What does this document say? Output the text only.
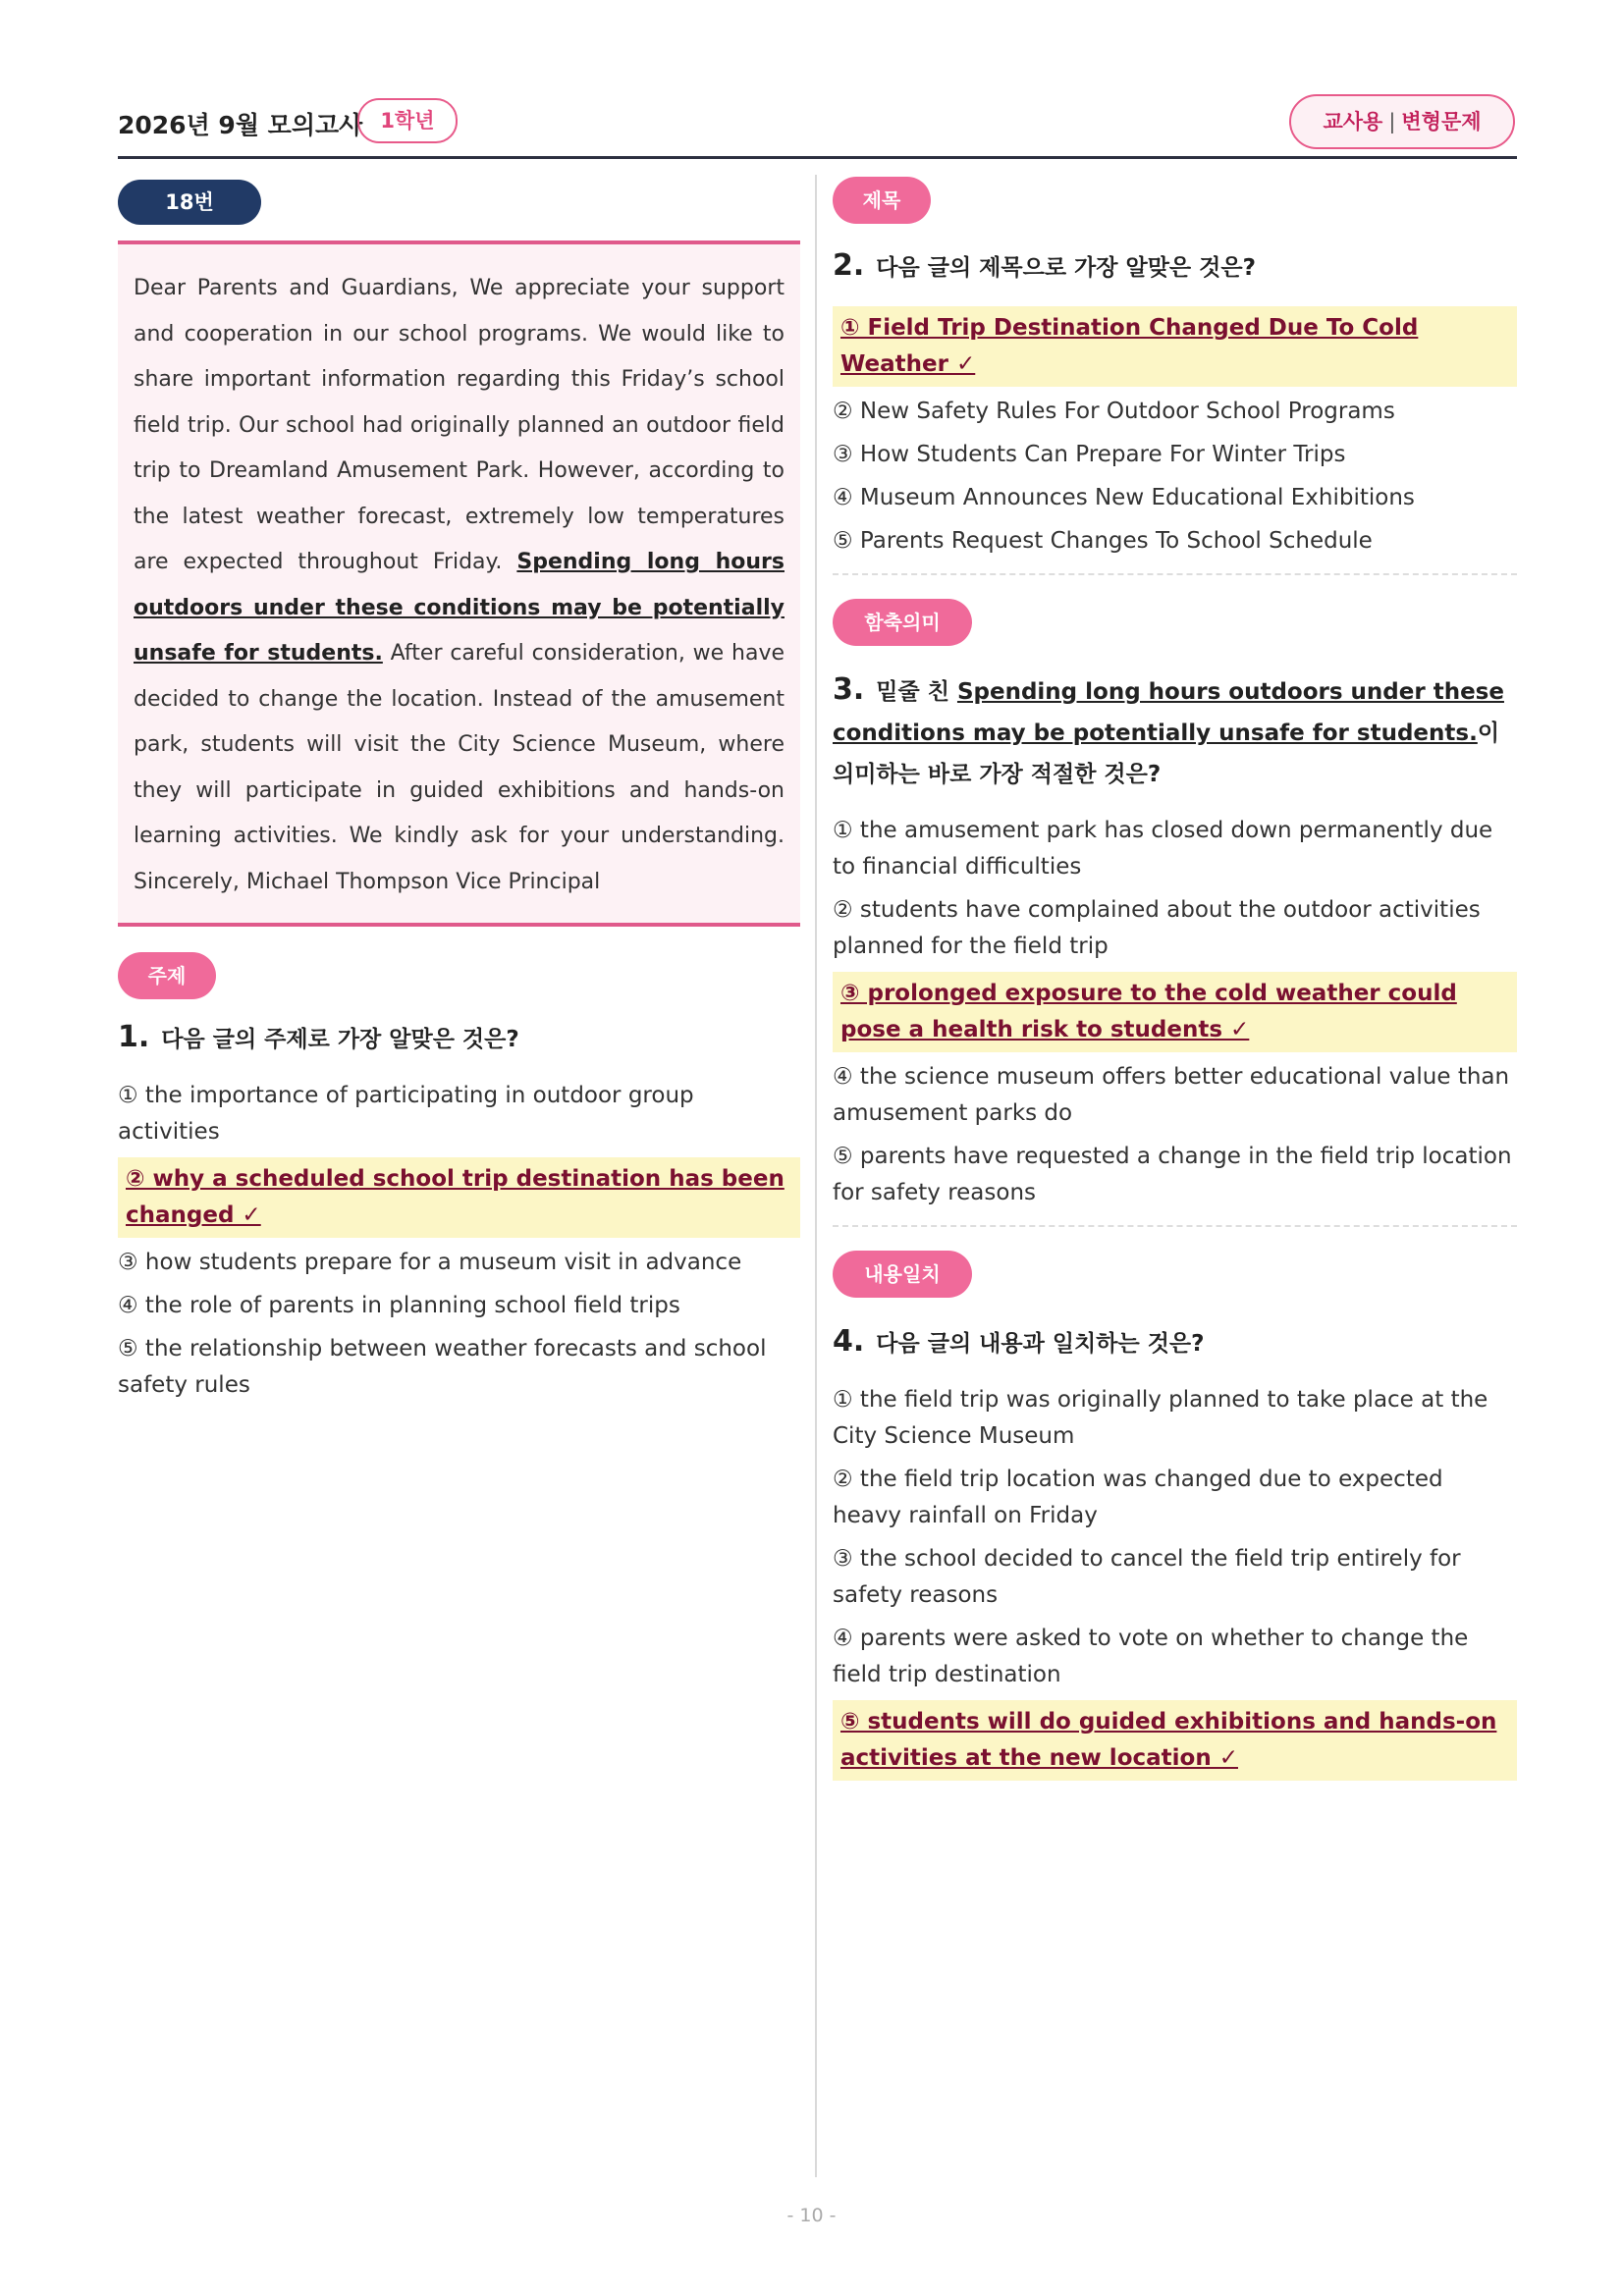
2026년 9월 모의고사 1학년	교사용 | 변형문제
18번
Dear Parents and Guardians, We appreciate your support and cooperation in our school programs. We would like to share important information regarding this Friday’s school field trip. Our school had originally planned an outdoor field trip to Dreamland Amusement Park. However, according to the latest weather forecast, extremely low temperatures are expected throughout Friday. Spending long hours outdoors under these conditions may be potentially unsafe for students. After careful consideration, we have decided to change the location. Instead of the amusement park, students will visit the City Science Museum, where they will participate in guided exhibitions and hands-on learning activities. We kindly ask for your understanding. Sincerely, Michael Thompson Vice Principal
주제
1. 다음 글의 주제로 가장 알맞은 것은?
① the importance of participating in outdoor group activities
② why a scheduled school trip destination has been changed ✓
③ how students prepare for a museum visit in advance
④ the role of parents in planning school field trips
⑤ the relationship between weather forecasts and school safety rules
제목
2. 다음 글의 제목으로 가장 알맞은 것은?
① Field Trip Destination Changed Due To Cold Weather ✓
② New Safety Rules For Outdoor School Programs
③ How Students Can Prepare For Winter Trips
④ Museum Announces New Educational Exhibitions
⑤ Parents Request Changes To School Schedule
함축의미
3. 밑줄 친 Spending long hours outdoors under these conditions may be potentially unsafe for students.이 의미하는 바로 가장 적절한 것은?
① the amusement park has closed down permanently due to financial difficulties
② students have complained about the outdoor activities planned for the field trip
③ prolonged exposure to the cold weather could pose a health risk to students ✓
④ the science museum offers better educational value than amusement parks do
⑤ parents have requested a change in the field trip location for safety reasons
내용일치
4. 다음 글의 내용과 일치하는 것은?
① the field trip was originally planned to take place at the City Science Museum
② the field trip location was changed due to expected heavy rainfall on Friday
③ the school decided to cancel the field trip entirely for safety reasons
④ parents were asked to vote on whether to change the field trip destination
⑤ students will do guided exhibitions and hands-on activities at the new location ✓
- 10 -
